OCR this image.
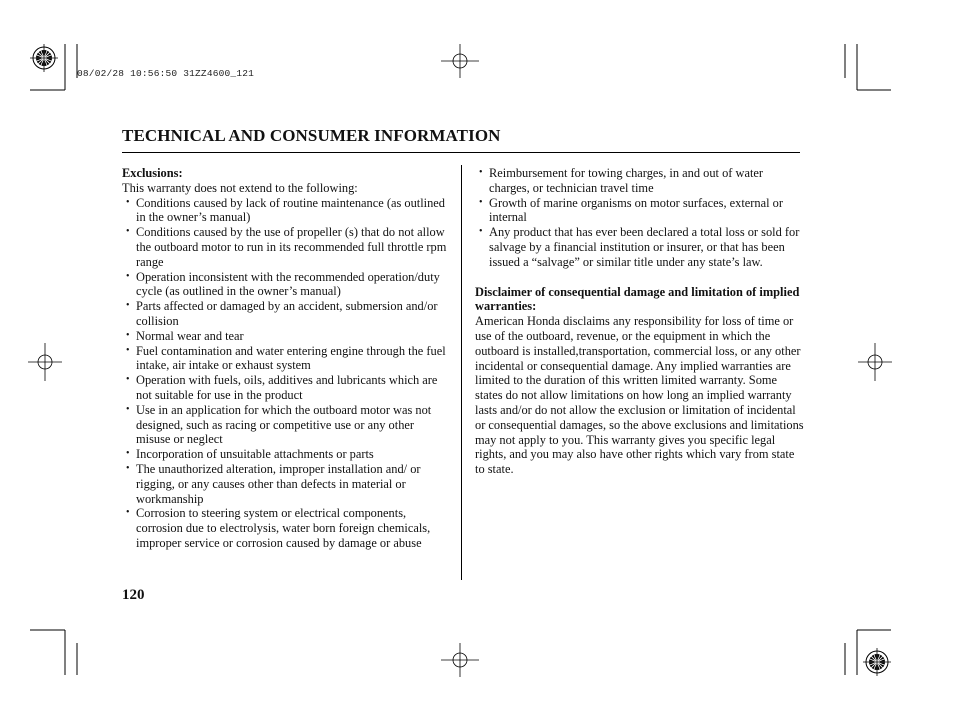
08/02/28 10:56:50 31ZZ4600_121
TECHNICAL AND CONSUMER INFORMATION
Exclusions:
This warranty does not extend to the following:
• Conditions caused by lack of routine maintenance (as outlined in the owner’s manual)
• Conditions caused by the use of propeller (s) that do not allow the outboard motor to run in its recommended full throttle rpm range
• Operation inconsistent with the recommended operation/duty cycle (as outlined in the owner’s manual)
• Parts affected or damaged by an accident, submersion and/or collision
• Normal wear and tear
• Fuel contamination and water entering engine through the fuel intake, air intake or exhaust system
• Operation with fuels, oils, additives and lubricants which are not suitable for use in the product
• Use in an application for which the outboard motor was not designed, such as racing or competitive use or any other misuse or neglect
• Incorporation of unsuitable attachments or parts
• The unauthorized alteration, improper installation and/ or rigging, or any causes other than defects in material or workmanship
• Corrosion to steering system or electrical components, corrosion due to electrolysis, water born foreign chemicals, improper service or corrosion caused by damage or abuse
• Reimbursement for towing charges, in and out of water charges, or technician travel time
• Growth of marine organisms on motor surfaces, external or internal
• Any product that has ever been declared a total loss or sold for salvage by a financial institution or insurer, or that has been issued a “salvage” or similar title under any state’s law.
Disclaimer of consequential damage and limitation of implied warranties:
American Honda disclaims any responsibility for loss of time or use of the outboard, revenue, or the equipment in which the outboard is installed,transportation, commercial loss, or any other incidental or consequential damage. Any implied warranties are limited to the duration of this written limited warranty. Some states do not allow limitations on how long an implied warranty lasts and/or do not allow the exclusion or limitation of incidental or consequential damages, so the above exclusions and limitations may not apply to you. This warranty gives you specific legal rights, and you may also have other rights which vary from state to state.
120
